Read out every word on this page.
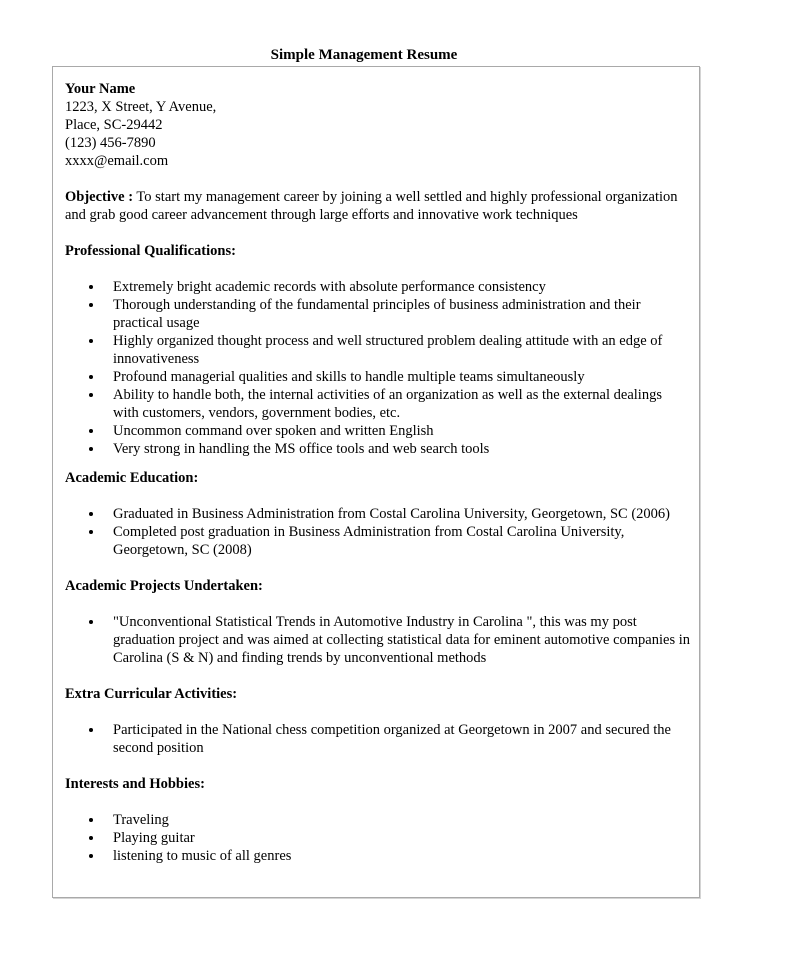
Simple Management Resume
Your Name
1223, X Street, Y Avenue,
Place, SC-29442
(123) 456-7890
xxxx@email.com

Objective : To start my management career by joining a well settled and highly professional organization and grab good career advancement through large efforts and innovative work techniques

Professional Qualifications:

Extremely bright academic records with absolute performance consistency
Thorough understanding of the fundamental principles of business administration and their practical usage
Highly organized thought process and well structured problem dealing attitude with an edge of innovativeness
Profound managerial qualities and skills to handle multiple teams simultaneously
Ability to handle both, the internal activities of an organization as well as the external dealings with customers, vendors, government bodies, etc.
Uncommon command over spoken and written English
Very strong in handling the MS office tools and web search tools

Academic Education:

Graduated in Business Administration from Costal Carolina University, Georgetown, SC (2006)
Completed post graduation in Business Administration from Costal Carolina University, Georgetown, SC (2008)

Academic Projects Undertaken:

"Unconventional Statistical Trends in Automotive Industry in Carolina ", this was my post graduation project and was aimed at collecting statistical data for eminent automotive companies in Carolina (S & N) and finding trends by unconventional methods

Extra Curricular Activities:

Participated in the National chess competition organized at Georgetown in 2007 and secured the second position

Interests and Hobbies:

Traveling
Playing guitar
listening to music of all genres
